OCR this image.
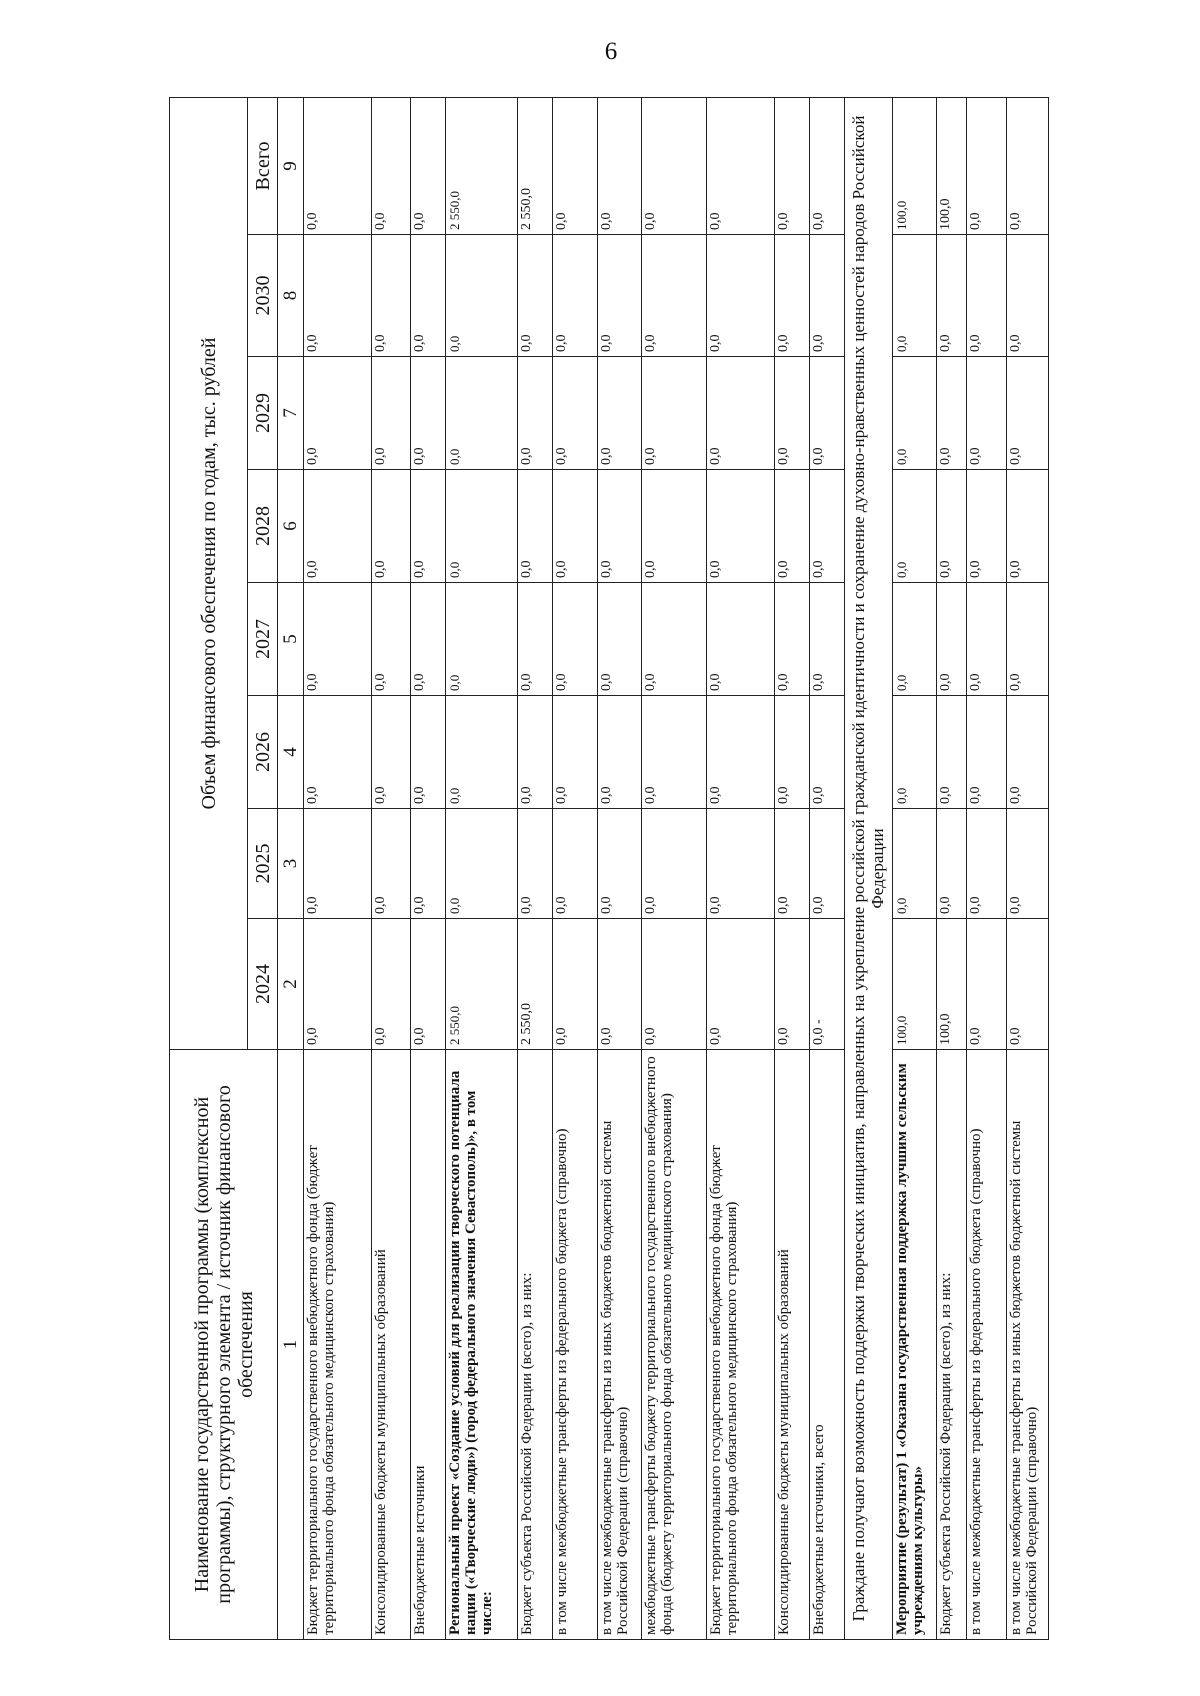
6
Наименование государственной программы (комплексной программы), структурного элемента / источник финансового обеспечения	Объем финансового обеспечения по годам, тыс. рублей							
	2024	2025	2026	2027	2028	2029	2030	Всего
1	2	3	4	5	6	7	8	9
Бюджет территориального государственного внебюджетного фонда (бюджет территориального фонда обязательного медицинского страхования)	0,0	0,0	0,0	0,0	0,0	0,0	0,0	0,0
Консолидированные бюджеты муниципальных образований	0,0	0,0	0,0	0,0	0,0	0,0	0,0	0,0
Внебюджетные источники	0,0	0,0	0,0	0,0	0,0	0,0	0,0	0,0
Региональный проект «Создание условий для реализации творческого потенциала нации («Творческие люди») (город федерального значения Севастополь)», в том числе:	2 550,0	0,0	0,0	0,0	0,0	0,0	0,0	2 550,0
Бюджет субъекта Российской Федерации (всего), из них:	2 550,0	0,0	0,0	0,0	0,0	0,0	0,0	2 550,0
в том числе межбюджетные трансферты из федерального бюджета (справочно)	0,0	0,0	0,0	0,0	0,0	0,0	0,0	0,0
в том числе межбюджетные трансферты из иных бюджетов бюджетной системы Российской Федерации (справочно)	0,0	0,0	0,0	0,0	0,0	0,0	0,0	0,0
межбюджетные трансферты бюджету территориального государственного внебюджетного фонда (бюджету территориального фонда обязательного медицинского страхования)	0,0	0,0	0,0	0,0	0,0	0,0	0,0	0,0
Бюджет территориального государственного внебюджетного фонда (бюджет территориального фонда обязательного медицинского страхования)	0,0	0,0	0,0	0,0	0,0	0,0	0,0	0,0
Консолидированные бюджеты муниципальных образований	0,0	0,0	0,0	0,0	0,0	0,0	0,0	0,0
Внебюджетные источники, всего	0,0 -	0,0	0,0	0,0	0,0	0,0	0,0	0,0
Граждане получают возможность поддержки творческих инициатив, направленных на укрепление российской гражданской идентичности и сохранение духовно-нравственных ценностей народов Российской Федерации								
Мероприятие (результат) 1 «Оказана государственная поддержка лучшим сельским учреждениям культуры»	100,0	0,0	0,0	0,0	0,0	0,0	0,0	100,0
Бюджет субъекта Российской Федерации (всего), из них:	100,0	0,0	0,0	0,0	0,0	0,0	0,0	100,0
в том числе межбюджетные трансферты из федерального бюджета (справочно)	0,0	0,0	0,0	0,0	0,0	0,0	0,0	0,0
в том числе межбюджетные трансферты из иных бюджетов бюджетной системы Российской Федерации (справочно)	0,0	0,0	0,0	0,0	0,0	0,0	0,0	0,0
